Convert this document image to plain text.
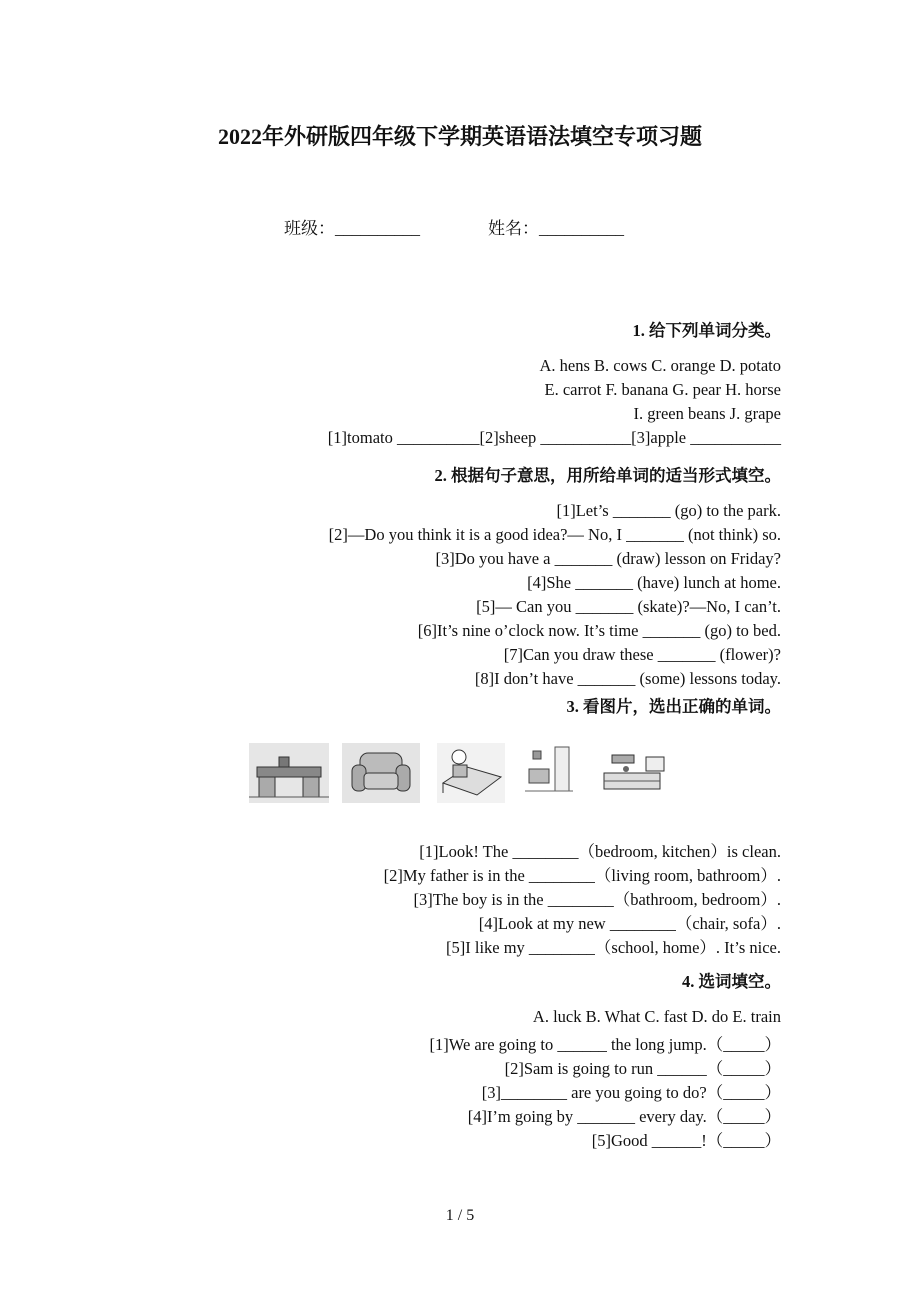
2022年外研版四年级下学期英语语法填空专项习题
班级：__________	姓名：__________
1. 给下列单词分类。
A. hens B. cows C. orange D. potato
E. carrot F. banana G. pear H. horse
I. green beans J. grape
[1]tomato __________[2]sheep ___________[3]apple ___________
2. 根据句子意思，用所给单词的适当形式填空。
[1]Let’s _______ (go) to the park.
[2]—Do you think it is a good idea?— No, I _______ (not think) so.
[3]Do you have a _______ (draw) lesson on Friday?
[4]She _______ (have) lunch at home.
[5]— Can you _______ (skate)?—No, I can’t.
[6]It’s nine o’clock now. It’s time _______ (go) to bed.
[7]Can you draw these _______ (flower)?
[8]I don’t have _______ (some) lessons today.
3. 看图片，选出正确的单词。
[1]Look! The ________（bedroom, kitchen）is clean.
[2]My father is in the ________（living room, bathroom）.
[3]The boy is in the ________（bathroom, bedroom）.
[4]Look at my new ________（chair, sofa）.
[5]I like my ________（school, home）. It’s nice.
4. 选词填空。
A. luck B. What C. fast D. do E. train
[1]We are going to ______ the long jump.（_____）
[2]Sam is going to run ______（_____）
[3]________ are you going to do?（_____）
[4]I’m going by _______ every day.（_____）
[5]Good ______!（_____）
1 / 5
